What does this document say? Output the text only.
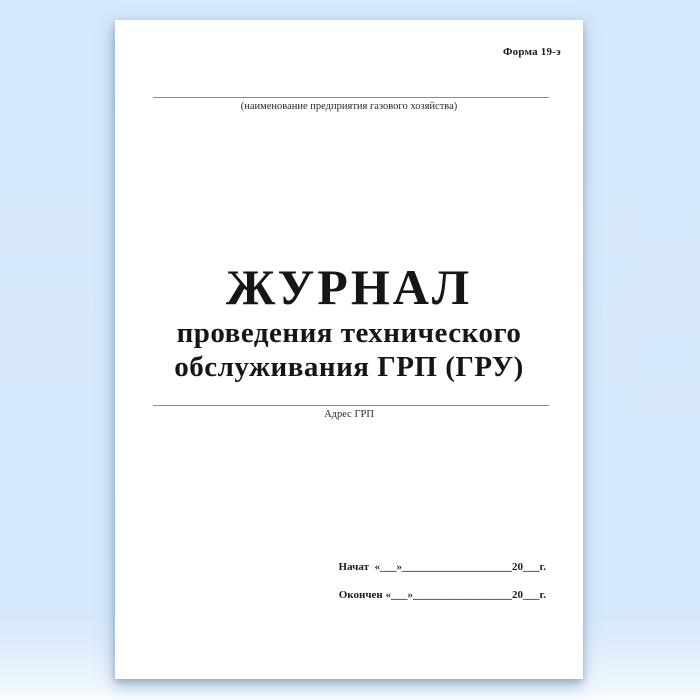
Форма 19-э
(наименование предприятия газового хозяйства)
ЖУРНАЛ
проведения технического
обслуживания ГРП (ГРУ)
Адрес ГРП
Начат  «___»____________________20___г.
Окончен «___»__________________20___г.
